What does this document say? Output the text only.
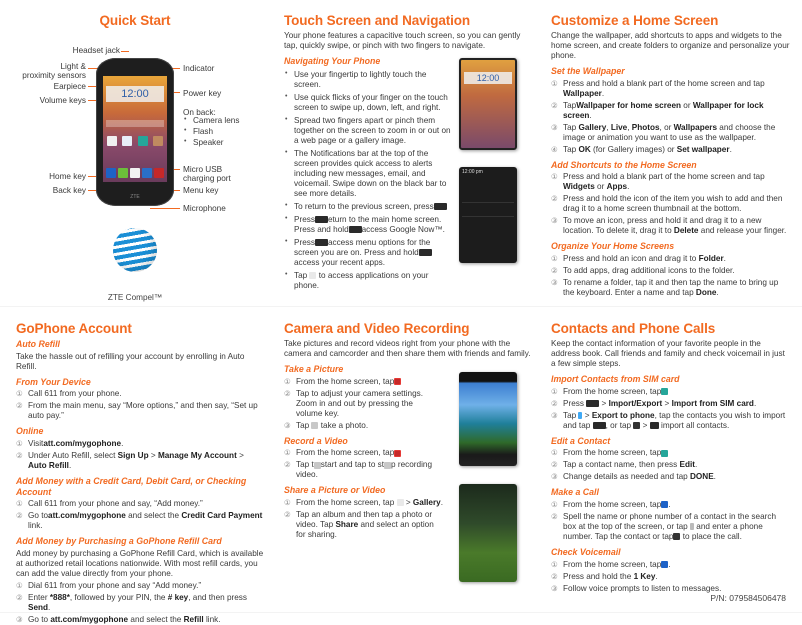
Quick Start
Headset jack
Light &
proximity sensors
Earpiece
Volume keys
Home key
Back key
Indicator
Power key
On back:
• Camera lens
• Flash
• Speaker
Micro USB
charging port
Menu key
Microphone
12:00
ZTE
ZTE Compel™
Touch Screen and Navigation

Your phone features a capacitive touch screen, so you can gently tap, quickly swipe, or pinch with two fingers to navigate.

Navigating Your Phone
• Use your fingertip to lightly touch the screen.
• Use quick flicks of your finger on the touch screen to swipe up, down, left, and right.
• Spread two fingers apart or pinch them together on the screen to zoom in or out on a web page or a gallery image.
• The Notifications bar at the top of the screen provides quick access to alerts including new messages, email, and voicemail. Swipe down on the black bar to see more details.
• To return to the previous screen, press
• Press eturn to the main home screen. Press and hold access Google Now™.
• Press access menu options for the screen you are on. Press and holdaccess your recent apps.
• Tap to access applications on your phone.
12:00
12:00 pm
Customize a Home Screen

Change the wallpaper, add shortcuts to apps and widgets to the home screen, and create folders to organize and personalize your phone.

Set the Wallpaper
① Press and hold a blank part of the home screen and tap Wallpaper.
② TapWallpaper for home screen or Wallpaper for lock screen.
③ Tap Gallery, Live, Photos, or Wallpapers and choose the image or animation you want to use as the wallpaper.
④ Tap OK (for Gallery images) or Set wallpaper.
Add Shortcuts to the Home Screen
① Press and hold a blank part of the home screen and tap Widgets or Apps.
② Press and hold the icon of the item you wish to add and then drag it to a home screen thumbnail at the bottom.
③ To move an icon, press and hold it and drag it to a new location. To delete it, drag it to Delete and release your finger.
Organize Your Home Screens
① Press and hold an icon and drag it to Folder.
② To add apps, drag additional icons to the folder.
③ To rename a folder, tap it and then tap the name to bring up the keyboard. Enter a name and tap Done.
GoPhone Account
Auto Refill

Take the hassle out of refilling your account by enrolling in Auto Refill.

From Your Device
① Call 611 from your phone.
② From the main menu, say “More options,” and then say, “Set up auto pay.”
Online
① Visitatt.com/mygophone.
② Under Auto Refill, select Sign Up > Manage My Account > Auto Refill.
Add Money with a Credit Card, Debit Card, or Checking Account
① Call 611 from your phone and say, “Add money.”
② Go toatt.com/mygophone and select the Credit Card Payment link.
Add Money by Purchasing a GoPhone Refill Card

Add money by purchasing a GoPhone Refill Card, which is available at authorized retail locations nationwide. With most refill cards, you can add the value directly from your phone.

① Dial 611 from your phone and say “Add money.”
② Enter *888*, followed by your PIN, the # key, and then press Send.
③ Go to att.com/mygophone and select the Refill link.
Camera and Video Recording

Take pictures and record videos right from your phone with the camera and camcorder and then share them with friends and family.

Take a Picture
① From the home screen, tap
② Tap to adjust your camera settings. Zoom in and out by pressing the volume key.
③ Tap take a photo.
Record a Video
① From the home screen, tap
② Tap t start and tap to st p recording video.
Share a Picture or Video
① From the home screen, tap  > Gallery.
② Tap an album and then tap a photo or video. Tap Share and select an option for sharing.
Contacts and Phone Calls

Keep the contact information of your favorite people in the address book. Call friends and family and check voicemail in just a few simple steps.

Import Contacts from SIM card
① From the home screen, tap
② Press  > Import/Export > Import from SIM card.
③ Tap  > Export to phone, tap the contacts you wish to import and tap , or tap  >  import all contacts.
Edit a Contact
① From the home screen, tap
② Tap a contact name, then press Edit.
③ Change details as needed and tap DONE.
Make a Call
① From the home screen, tap .
② Spell the name or phone number of a contact in the search box at the top of the screen, or tap and enter a phone number. Tap the contact or tap to place the call.
Check Voicemail
① From the home screen, tap .
② Press and hold the 1 Key.
③ Follow voice prompts to listen to messages.
P/N: 079584506478
